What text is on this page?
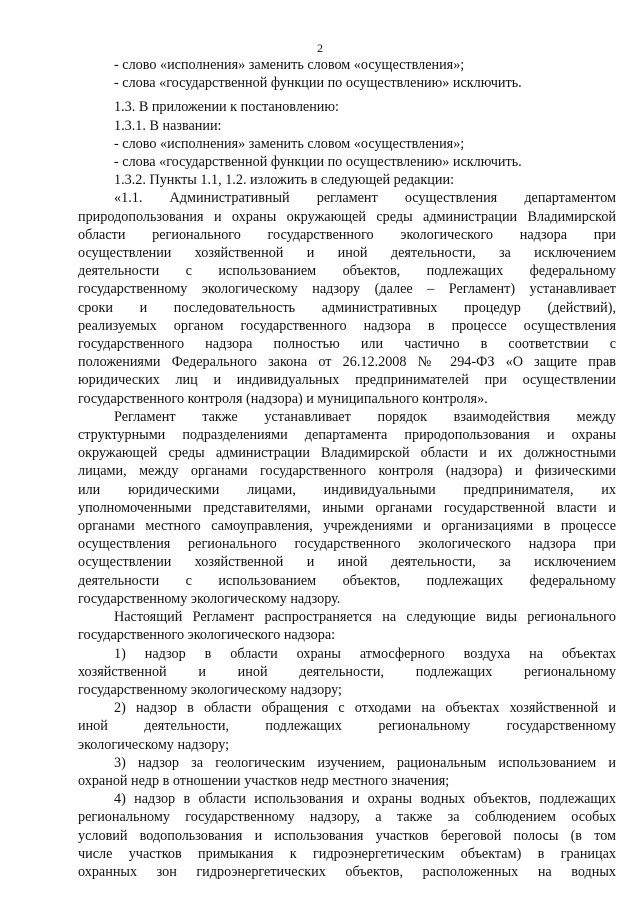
2

- слово «исполнения» заменить словом «осуществления»;

- слова «государственной функции по осуществлению» исключить.

1.3. В приложении к постановлению:

1.3.1. В названии:

- слово «исполнения» заменить словом «осуществления»;

- слова «государственной функции по осуществлению» исключить.

1.3.2. Пункты 1.1, 1.2. изложить в следующей редакции:

«1.1. Административный регламент осуществления департаментом
природопользования и охраны окружающей среды администрации Владимирской
области регионального государственного экологического надзора при
осуществлении хозяйственной и иной деятельности, за исключением
деятельности с использованием объектов, подлежащих федеральному
государственному экологическому надзору (далее – Регламент) устанавливает
сроки и последовательность административных процедур (действий),
реализуемых органом государственного надзора в процессе осуществления
государственного надзора полностью или частично в соответствии с
положениями Федерального закона от 26.12.2008 № 294-ФЗ «О защите прав
юридических лиц и индивидуальных предпринимателей при осуществлении
государственного контроля (надзора) и муниципального контроля».
Регламент также устанавливает порядок взаимодействия между
структурными подразделениями департамента природопользования и охраны
окружающей среды администрации Владимирской области и их должностными
лицами, между органами государственного контроля (надзора) и физическими
или юридическими лицами, индивидуальными предпринимателя, их
уполномоченными представителями, иными органами государственной власти и
органами местного самоуправления, учреждениями и организациями в процессе
осуществления регионального государственного экологического надзора при
осуществлении хозяйственной и иной деятельности, за исключением
деятельности с использованием объектов, подлежащих федеральному
государственному экологическому надзору.
Настоящий Регламент распространяется на следующие виды регионального
государственного экологического надзора:
1) надзор в области охраны атмосферного воздуха на объектах
хозяйственной и иной деятельности, подлежащих региональному
государственному экологическому надзору;
2) надзор в области обращения с отходами на объектах хозяйственной и
иной деятельности, подлежащих региональному государственному
экологическому надзору;
3) надзор за геологическим изучением, рациональным использованием и
охраной недр в отношении участков недр местного значения;
4) надзор в области использования и охраны водных объектов, подлежащих
региональному государственному надзору, а также за соблюдением особых
условий водопользования и использования участков береговой полосы (в том
числе участков примыкания к гидроэнергетическим объектам) в границах
охранных зон гидроэнергетических объектов, расположенных на водных
